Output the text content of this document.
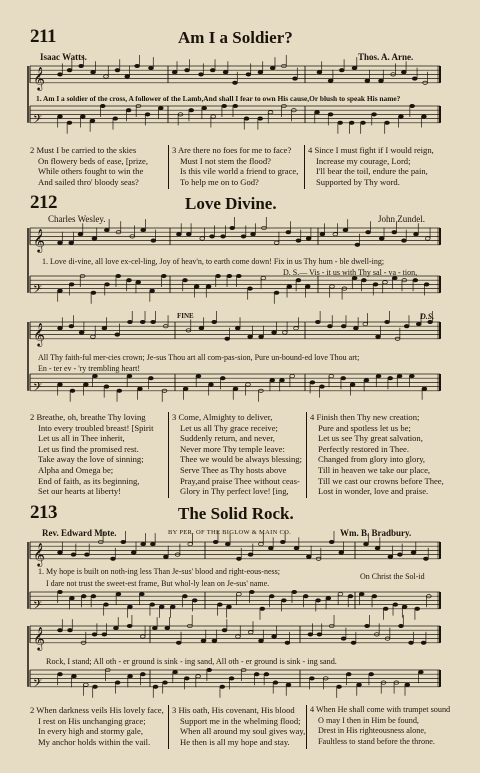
𝄞
𝄢
𝄞
𝄢
𝄞
𝄢
𝄞
𝄢
𝄞
𝄢
211	Am I a Soldier?
Isaac Watts.	Thos. A. Arne.
1. Am I a soldier of the cross, A follower of the Lamb,And shall I fear to own His cause,Or blush to speak His name?
2 Must I be carried to the skies
On flowery beds of ease, [prize,
While others fought to win the
And sailed thro' bloody seas?
3 Are there no foes for me to face?
Must I not stem the flood?
Is this vile world a friend to grace,
To help me on to God?
4 Since I must fight if I would reign,
Increase my courage, Lord;
I'll bear the toil, endure the pain,
Supported by Thy word.
212	Love Divine.
Charles Wesley.	John Zundel.
1. Love di-vine, all love ex-cel-ling, Joy of heav'n, to earth come down! Fix in us Thy hum - ble dwell-ing;
D. S.— Vis - it us with Thy sal - va - tion,
FINE	D.S.
All Thy faith-ful mer-cies crown; Je-sus Thou art all com-pas-sion, Pure un-bound-ed love Thou art;
En - ter ev - 'ry trembling heart!
2 Breathe, oh, breathe Thy loving
Into every troubled breast! [Spirit
Let us all in Thee inherit,
Let us find the promised rest.
Take away the love of sinning;
Alpha and Omega be;
End of faith, as its beginning,
Set our hearts at liberty!
3 Come, Almighty to deliver,
Let us all Thy grace receive;
Suddenly return, and never,
Never more Thy temple leave:
Thee we would be always blessing;
Serve Thee as Thy hosts above
Pray,and praise Thee without ceas-
Glory in Thy perfect love! [ing,
4 Finish then Thy new creation;
Pure and spotless let us be;
Let us see Thy great salvation,
Perfectly restored in Thee.
Changed from glory into glory,
Till in heaven we take our place,
Till we cast our crowns before Thee,
Lost in wonder, love and praise.
213	The Solid Rock.
Rev. Edward Mote.	BY PER. OF THE BIGLOW & MAIN CO.	Wm. B. Bradbury.
1. My hope is built on noth-ing less Than Je-sus' blood and right-eous-ness;
I dare not trust the sweet-est frame, But whol-ly lean on Je-sus' name.
On Christ the Sol-id
Rock, I stand; All oth - er ground is sink - ing sand, All oth - er ground is sink - ing sand.
2 When darkness veils His lovely face,
I rest on His unchanging grace;
In every high and stormy gale,
My anchor holds within the vail.
3 His oath, His covenant, His blood
Support me in the whelming flood;
When all around my soul gives way,
He then is all my hope and stay.
4 When He shall come with trumpet sound
O may I then in Him be found,
Drest in His righteousness alone,
Faultless to stand before the throne.
